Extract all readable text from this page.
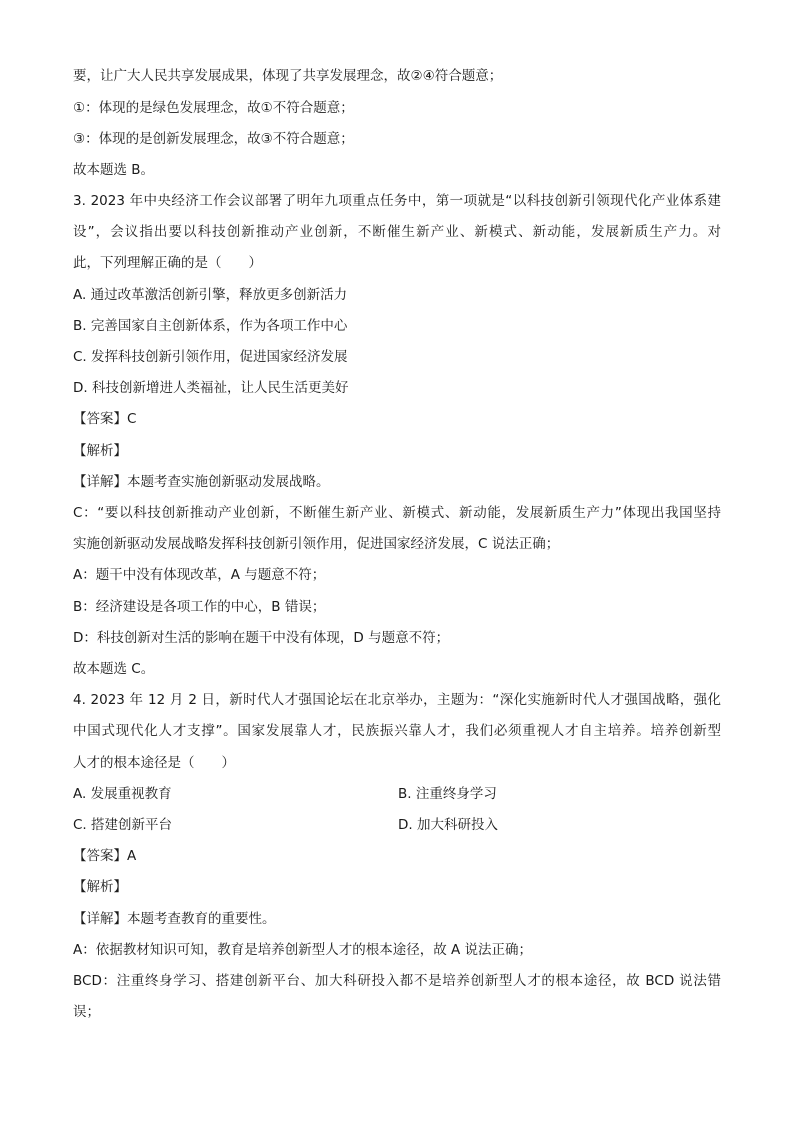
要，让广大人民共享发展成果，体现了共享发展理念，故②④符合题意；
①：体现的是绿色发展理念，故①不符合题意；
③：体现的是创新发展理念，故③不符合题意；
故本题选 B。
3. 2023 年中央经济工作会议部署了明年九项重点任务中，第一项就是“以科技创新引领现代化产业体系建
设”，会议指出要以科技创新推动产业创新，不断催生新产业、新模式、新动能，发展新质生产力。对
此，下列理解正确的是（　　）
A. 通过改革激活创新引擎，释放更多创新活力
B. 完善国家自主创新体系，作为各项工作中心
C. 发挥科技创新引领作用，促进国家经济发展
D. 科技创新增进人类福祉，让人民生活更美好
【答案】C
【解析】
【详解】本题考查实施创新驱动发展战略。
C：“要以科技创新推动产业创新，不断催生新产业、新模式、新动能，发展新质生产力”体现出我国坚持
实施创新驱动发展战略发挥科技创新引领作用，促进国家经济发展，C 说法正确；
A：题干中没有体现改革，A 与题意不符；
B：经济建设是各项工作的中心，B 错误；
D：科技创新对生活的影响在题干中没有体现，D 与题意不符；
故本题选 C。
4. 2023 年 12 月 2 日，新时代人才强国论坛在北京举办，主题为：“深化实施新时代人才强国战略，强化
中国式现代化人才支撑”。国家发展靠人才，民族振兴靠人才，我们必须重视人才自主培养。培养创新型
人才的根本途径是（　　）
A. 发展重视教育	B. 注重终身学习
C. 搭建创新平台	D. 加大科研投入
【答案】A
【解析】
【详解】本题考查教育的重要性。
A：依据教材知识可知，教育是培养创新型人才的根本途径，故 A 说法正确；
BCD：注重终身学习、搭建创新平台、加大科研投入都不是培养创新型人才的根本途径，故 BCD 说法错
误；
